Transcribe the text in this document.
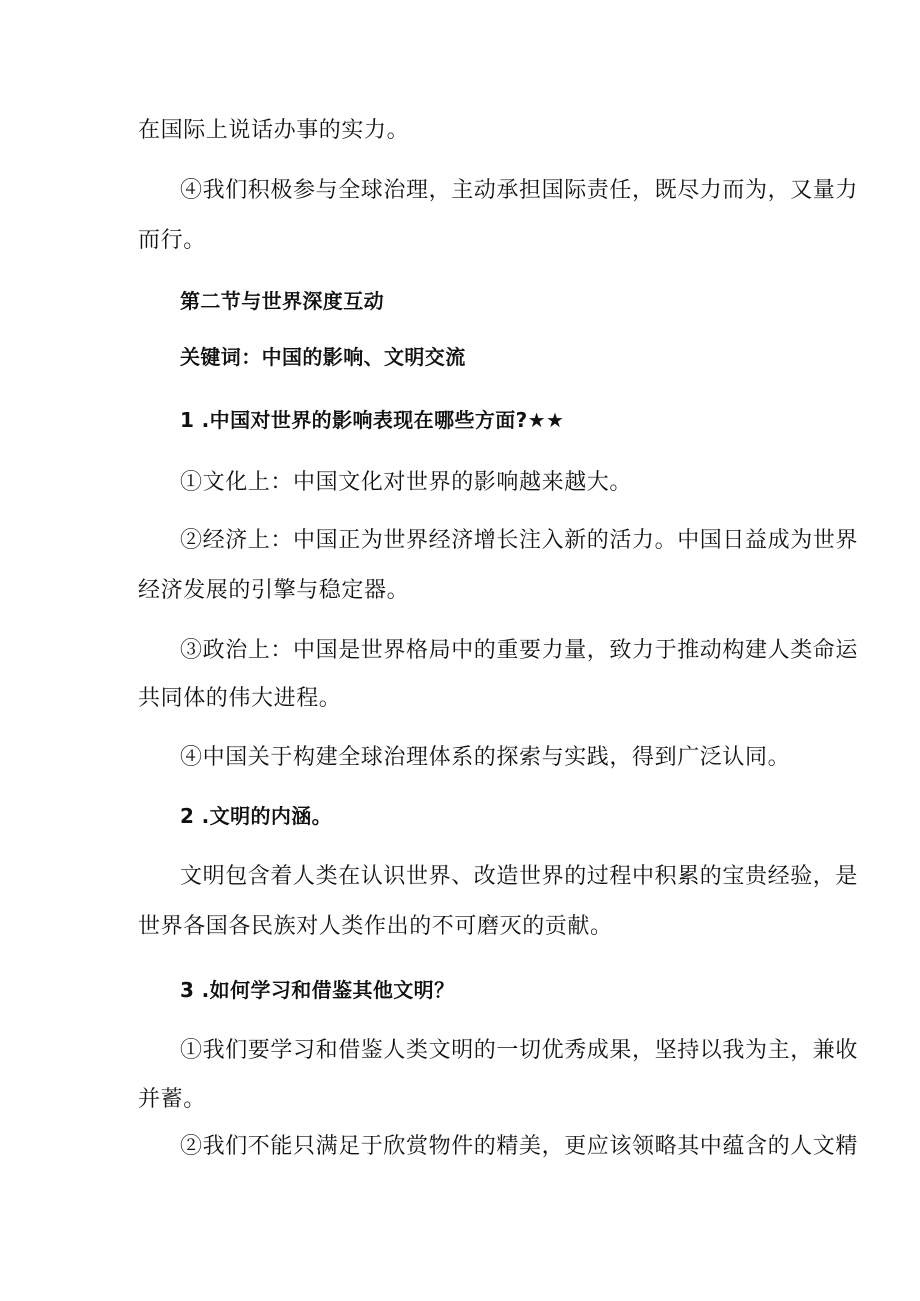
在国际上说话办事的实力。
④我们积极参与全球治理，主动承担国际责任，既尽力而为，又量力
而行。
第二节与世界深度互动
关键词：中国的影响、文明交流
1 .中国对世界的影响表现在哪些方面?★★
①文化上：中国文化对世界的影响越来越大。
②经济上：中国正为世界经济增长注入新的活力。中国日益成为世界
经济发展的引擎与稳定器。
③政治上：中国是世界格局中的重要力量，致力于推动构建人类命运
共同体的伟大进程。
④中国关于构建全球治理体系的探索与实践，得到广泛认同。
2 .文明的内涵。
文明包含着人类在认识世界、改造世界的过程中积累的宝贵经验，是
世界各国各民族对人类作出的不可磨灭的贡献。
3 .如何学习和借鉴其他文明？
①我们要学习和借鉴人类文明的一切优秀成果，坚持以我为主，兼收
并蓄。
②我们不能只满足于欣赏物件的精美，更应该领略其中蕴含的人文精
